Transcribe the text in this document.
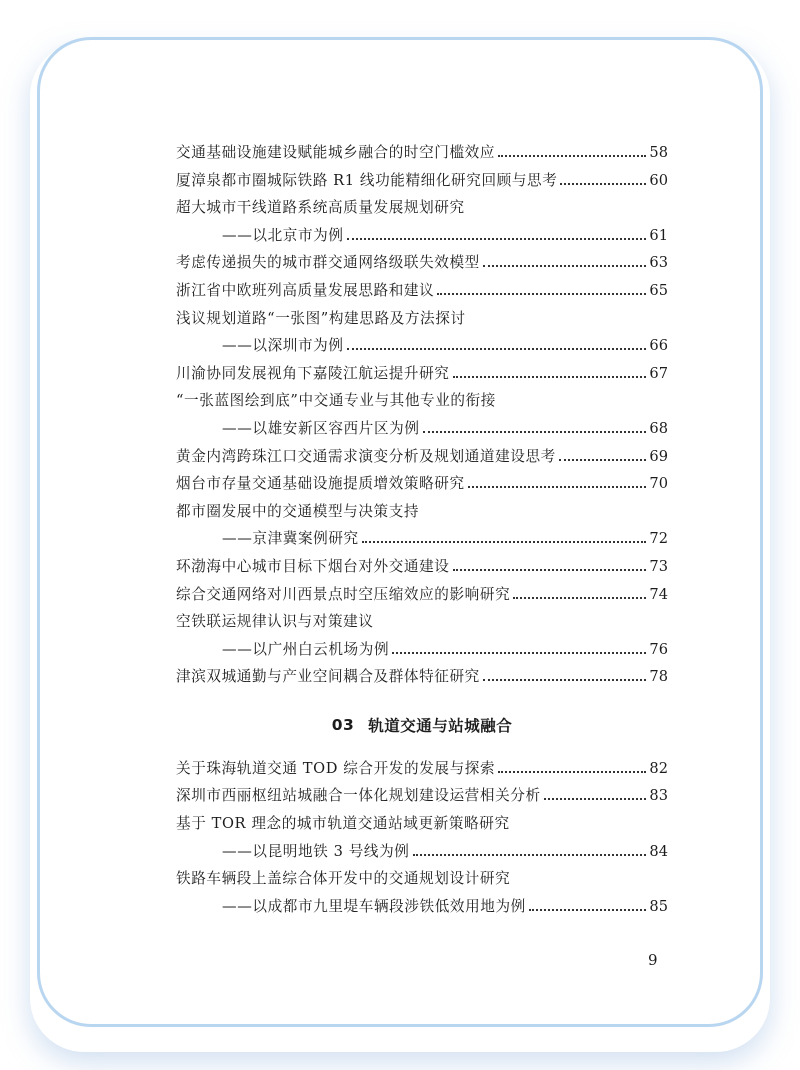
交通基础设施建设赋能城乡融合的时空门槛效应	58
厦漳泉都市圈城际铁路 R1 线功能精细化研究回顾与思考	60
超大城市干线道路系统高质量发展规划研究
——以北京市为例	61
考虑传递损失的城市群交通网络级联失效模型	63
浙江省中欧班列高质量发展思路和建议	65
浅议规划道路“一张图”构建思路及方法探讨
——以深圳市为例	66
川渝协同发展视角下嘉陵江航运提升研究	67
“一张蓝图绘到底”中交通专业与其他专业的衔接
——以雄安新区容西片区为例	68
黄金内湾跨珠江口交通需求演变分析及规划通道建设思考	69
烟台市存量交通基础设施提质增效策略研究	70
都市圈发展中的交通模型与决策支持
——京津冀案例研究	72
环渤海中心城市目标下烟台对外交通建设	73
综合交通网络对川西景点时空压缩效应的影响研究	74
空铁联运规律认识与对策建议
——以广州白云机场为例	76
津滨双城通勤与产业空间耦合及群体特征研究	78
03 轨道交通与站城融合
关于珠海轨道交通 TOD 综合开发的发展与探索	82
深圳市西丽枢纽站城融合一体化规划建设运营相关分析	83
基于 TOR 理念的城市轨道交通站域更新策略研究
——以昆明地铁 3 号线为例	84
铁路车辆段上盖综合体开发中的交通规划设计研究
——以成都市九里堤车辆段涉铁低效用地为例	85
9
